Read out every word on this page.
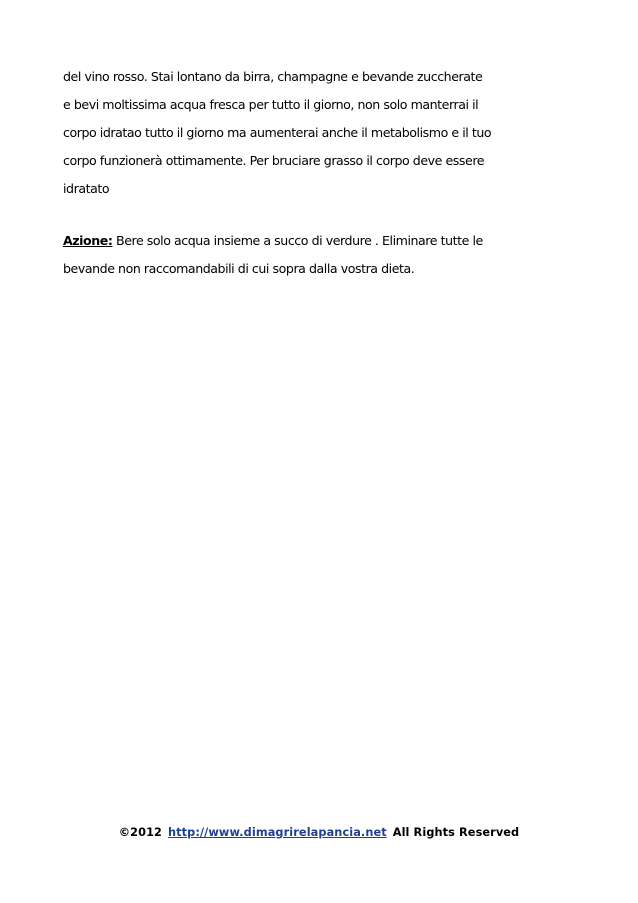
del vino rosso. Stai lontano da birra, champagne e bevande zuccherate
e bevi moltissima acqua fresca per tutto il giorno, non solo manterrai il
corpo idratao tutto il giorno ma aumenterai anche il metabolismo e il tuo
corpo funzionerà ottimamente. Per bruciare grasso il corpo deve essere
idratato
Azione: Bere solo acqua insieme a succo di verdure . Eliminare tutte le
bevande non raccomandabili di cui sopra dalla vostra dieta.
©2012 http://www.dimagrirelapancia.net All Rights Reserved
